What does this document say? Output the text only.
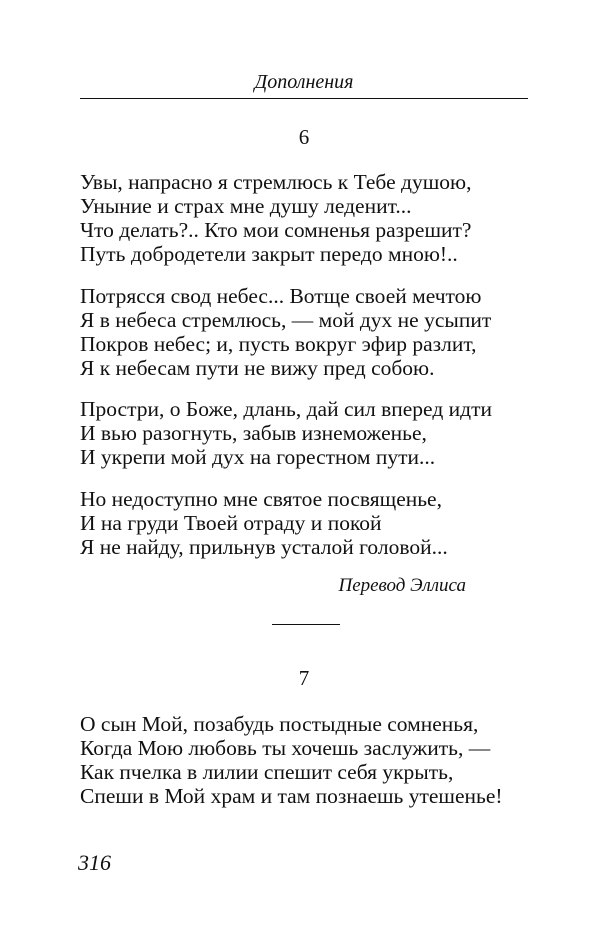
Дополнения
6
Увы, напрасно я стремлюсь к Тебе душою,
Уныние и страх мне душу леденит...
Что делать?.. Кто мои сомненья разрешит?
Путь добродетели закрыт передо мною!..
Потрясся свод небес... Вотще своей мечтою
Я в небеса стремлюсь, — мой дух не усыпит
Покров небес; и, пусть вокруг эфир разлит,
Я к небесам пути не вижу пред собою.
Простри, о Боже, длань, дай сил вперед идти
И вью разогнуть, забыв изнеможенье,
И укрепи мой дух на горестном пути...
Но недоступно мне святое посвященье,
И на груди Твоей отраду и покой
Я не найду, прильнув усталой головой...
Перевод Эллиса
7
О сын Мой, позабудь постыдные сомненья,
Когда Мою любовь ты хочешь заслужить, —
Как пчелка в лилии спешит себя укрыть,
Спеши в Мой храм и там познаешь утешенье!
316
